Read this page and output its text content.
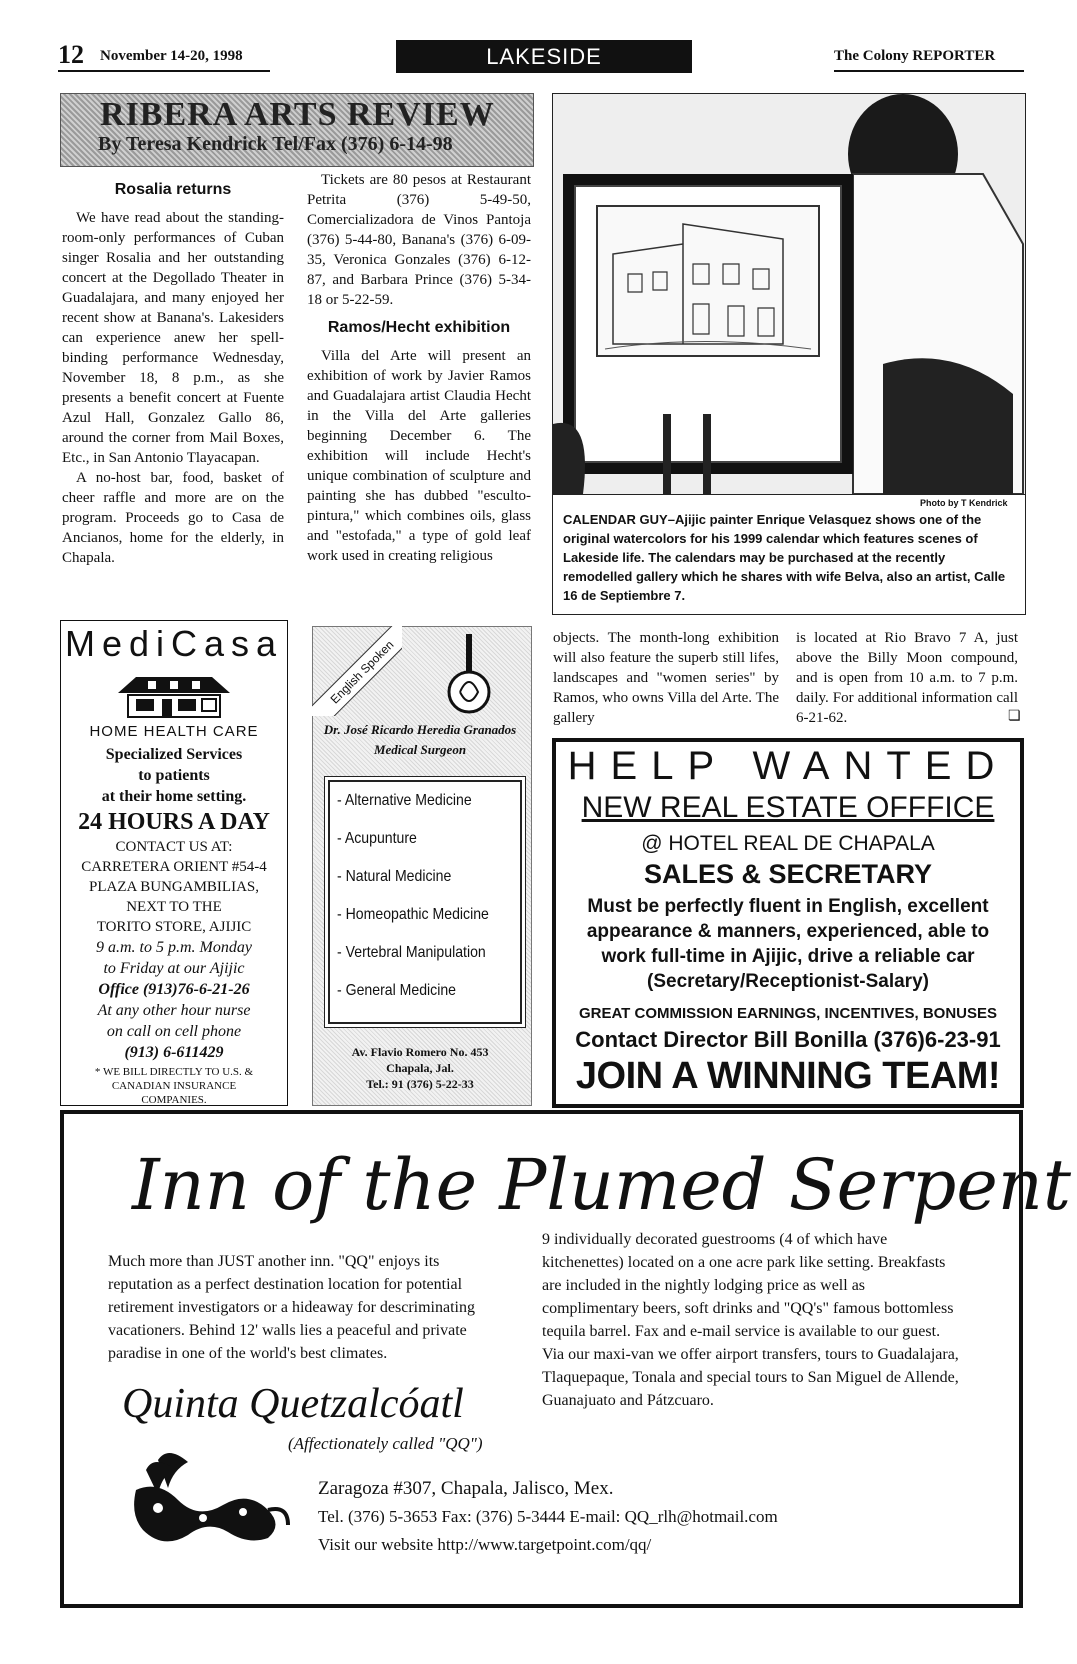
12 November 14-20, 1998	LAKESIDE	The Colony REPORTER
RIBERA ARTS REVIEW
By Teresa Kendrick Tel/Fax (376) 6-14-98
Rosalia returns

We have read about the standing-room-only performances of Cuban singer Rosalia and her outstanding concert at the Degollado Theater in Guadalajara, and many enjoyed her recent show at Banana's. Lakesiders can experience anew her spell-binding performance Wednesday, November 18, 8 p.m., as she presents a benefit concert at Fuente Azul Hall, Gonzalez Gallo 86, around the corner from Mail Boxes, Etc., in San Antonio Tlayacapan.

A no-host bar, food, basket of cheer raffle and more are on the program. Proceeds go to Casa de Ancianos, home for the elderly, in Chapala.

Tickets are 80 pesos at Restaurant Petrita (376) 5-49-50, Comercializadora de Vinos Pantoja (376) 5-44-80, Banana's (376) 6-09-35, Veronica Gonzales (376) 6-12-87, and Barbara Prince (376) 5-34-18 or 5-22-59.

Ramos/Hecht exhibition

Villa del Arte will present an exhibition of work by Javier Ramos and Guadalajara artist Claudia Hecht in the Villa del Arte galleries beginning December 6. The exhibition will include Hecht's unique combination of sculpture and painting she has dubbed "escultopintura," which combines oils, glass and "estofada," a type of gold leaf work used in creating religious

Photo by T Kendrick
CALENDAR GUY–Ajijic painter Enrique Velasquez shows one of the original watercolors for his 1999 calendar which features scenes of Lakeside life. The calendars may be purchased at the recently remodelled gallery which he shares with wife Belva, also an artist, Calle 16 de Septiembre 7.

objects. The month-long exhibition will also feature the superb still lifes, landscapes and "women series" by Ramos, who owns Villa del Arte. The gallery

is located at Rio Bravo 7 A, just above the Billy Moon compound, and is open from 10 a.m. to 7 p.m. daily. For additional information call 6-21-62.	❏
MediCasa
HOME HEALTH CARE
Specialized Services
to patients
at their home setting.
24 HOURS A DAY
CONTACT US AT:
CARRETERA ORIENT #54-4
PLAZA BUNGAMBILIAS,
NEXT TO THE
TORITO STORE, AJIJIC
9 a.m. to 5 p.m. Monday
to Friday at our Ajijic
Office (913)76-6-21-26
At any other hour nurse
on call on cell phone
(913) 6-611429
* WE BILL DIRECTLY TO U.S. &
CANADIAN INSURANCE
COMPANIES.
English Spoken
Dr. José Ricardo Heredia Granados
Medical Surgeon
- Alternative Medicine
- Acupunture
- Natural Medicine
- Homeopathic Medicine
- Vertebral Manipulation
- General Medicine
Av. Flavio Romero No. 453
Chapala, Jal.
Tel.: 91 (376) 5-22-33
HELP WANTED
NEW REAL ESTATE OFFFICE
@ HOTEL REAL DE CHAPALA
SALES & SECRETARY
Must be perfectly fluent in English, excellent appearance & manners, experienced, able to work full-time in Ajijic, drive a reliable car (Secretary/Receptionist-Salary)
GREAT COMMISSION EARNINGS, INCENTIVES, BONUSES
Contact Director Bill Bonilla (376)6-23-91
JOIN A WINNING TEAM!
Inn of the Plumed Serpent
Much more than JUST another inn. "QQ" enjoys its reputation as a perfect destination location for potential retirement investigators or a hideaway for descriminating vacationers. Behind 12' walls lies a peaceful and private paradise in one of the world's best climates.
9 individually decorated guestrooms (4 of which have kitchenettes) located on a one acre park like setting. Breakfasts are included in the nightly lodging price as well as complimentary beers, soft drinks and "QQ's" famous bottomless tequila barrel. Fax and e-mail service is available to our guest.
Via our maxi-van we offer airport transfers, tours to Guadalajara, Tlaquepaque, Tonala and special tours to San Miguel de Allende, Guanajuato and Pátzcuaro.
Quinta Quetzalcóatl
(Affectionately called "QQ")
Zaragoza #307, Chapala, Jalisco, Mex.
Tel. (376) 5-3653 Fax: (376) 5-3444 E-mail: QQ_rlh@hotmail.com
Visit our website http://www.targetpoint.com/qq/
